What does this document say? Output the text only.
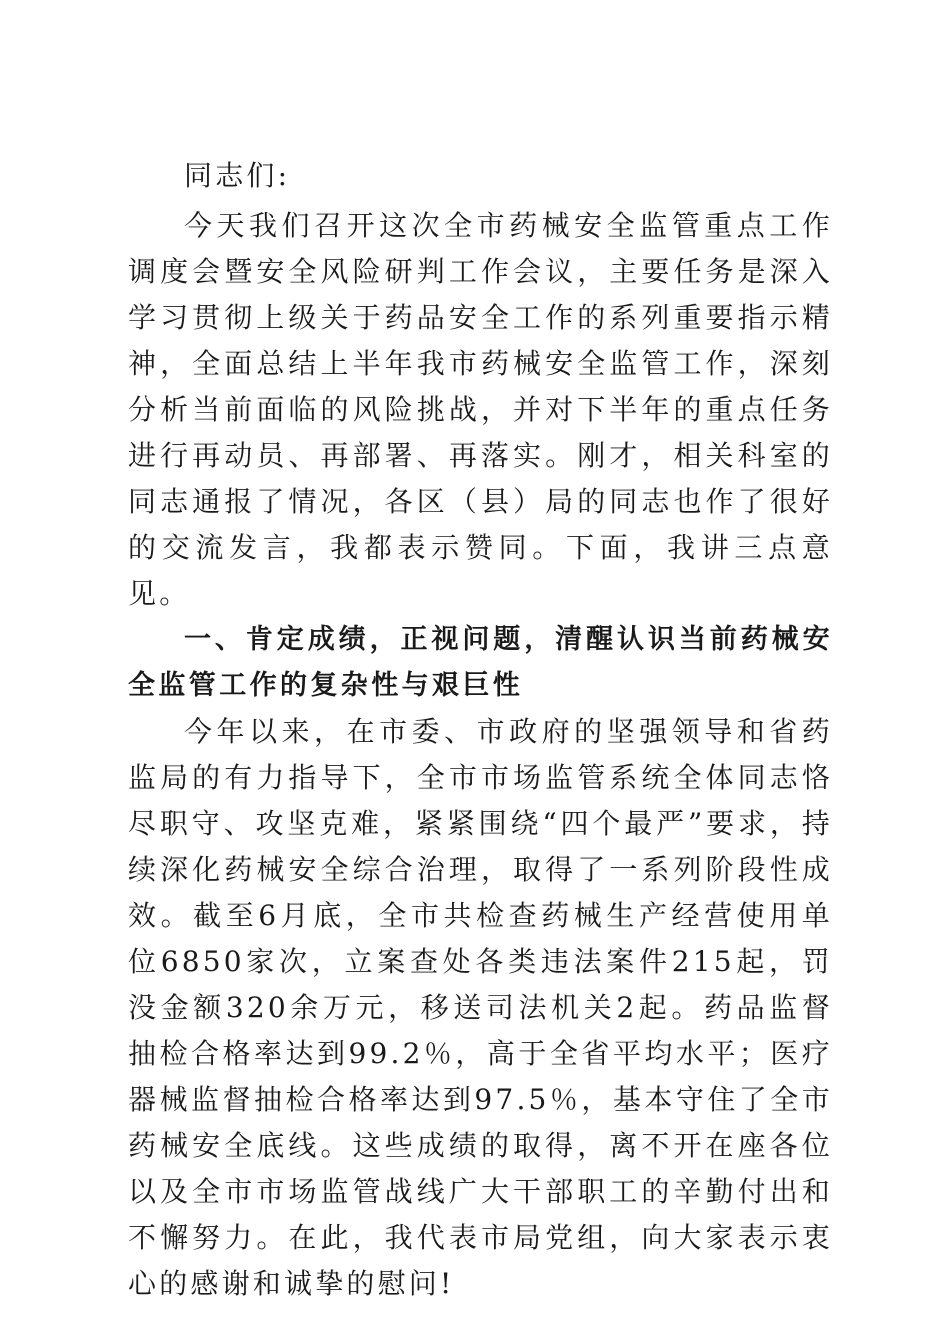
同志们:

今天我们召开这次全市药械安全监管重点工作调度会暨安全风险研判工作会议，主要任务是深入学习贯彻上级关于药品安全工作的系列重要指示精神，全面总结上半年我市药械安全监管工作，深刻分析当前面临的风险挑战，并对下半年的重点任务进行再动员、再部署、再落实。刚才，相关科室的同志通报了情况，各区（县）局的同志也作了很好的交流发言，我都表示赞同。下面，我讲三点意见。

一、肯定成绩，正视问题，清醒认识当前药械安全监管工作的复杂性与艰巨性

今年以来，在市委、市政府的坚强领导和省药监局的有力指导下，全市市场监管系统全体同志恪尽职守、攻坚克难，紧紧围绕“四个最严”要求，持续深化药械安全综合治理，取得了一系列阶段性成效。截至6月底，全市共检查药械生产经营使用单位6850家次，立案查处各类违法案件215起，罚没金额320余万元，移送司法机关2起。药品监督抽检合格率达到99.2％，高于全省平均水平；医疗器械监督抽检合格率达到97.5％，基本守住了全市药械安全底线。这些成绩的取得，离不开在座各位以及全市市场监管战线广大干部职工的辛勤付出和不懈努力。在此，我代表市局党组，向大家表示衷心的感谢和诚挚的慰问!
